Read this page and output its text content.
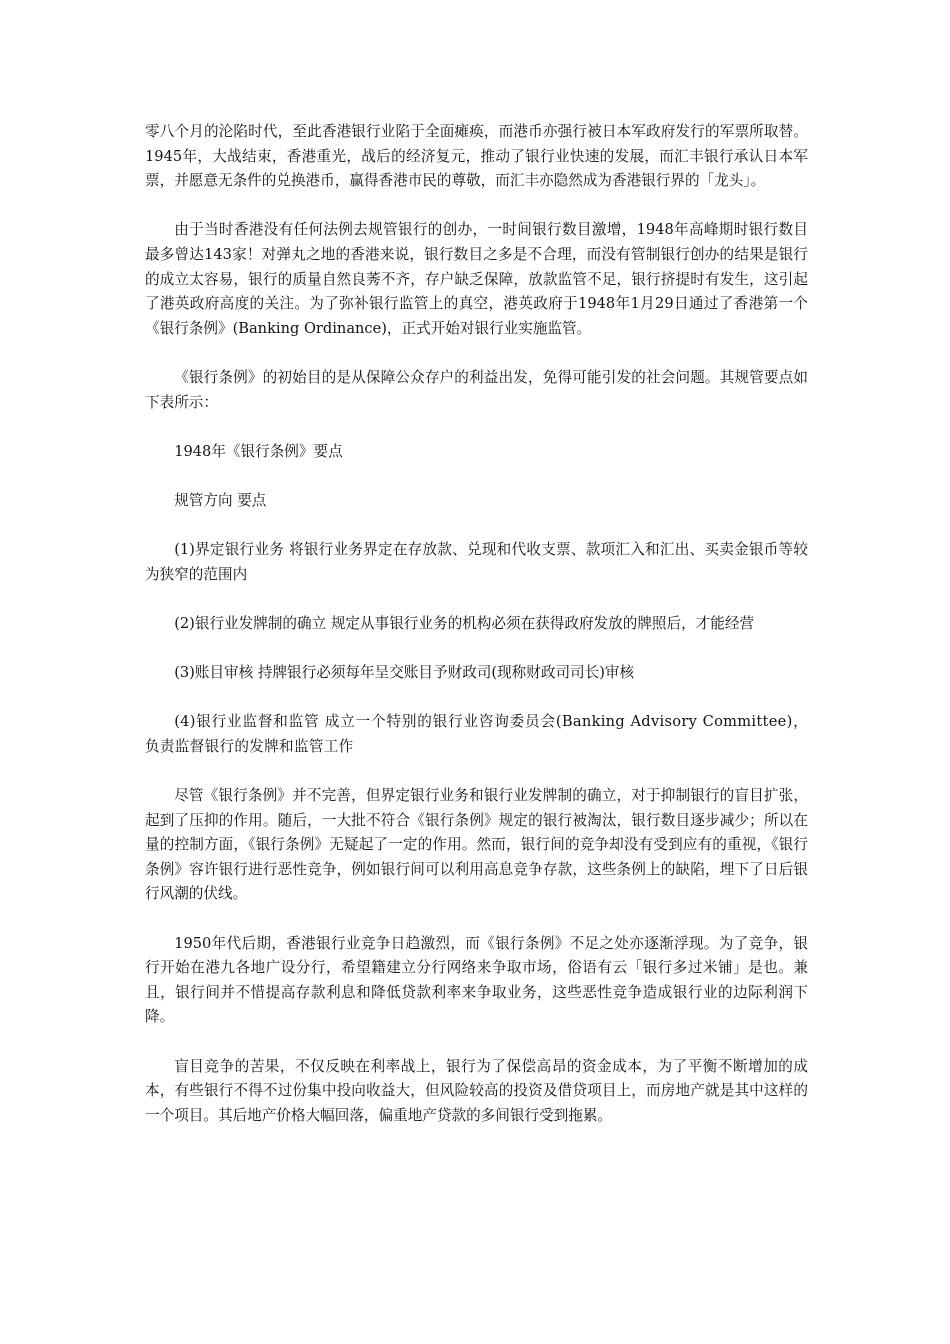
零八个月的沦陷时代，至此香港银行业陷于全面瘫痪，而港币亦强行被日本军政府发行的军票所取替。1945年，大战结束，香港重光，战后的经济复元，推动了银行业快速的发展，而汇丰银行承认日本军票，并愿意无条件的兑换港币，赢得香港市民的尊敬，而汇丰亦隐然成为香港银行界的「龙头」。

由于当时香港没有任何法例去规管银行的创办，一时间银行数目激增，1948年高峰期时银行数目最多曾达143家！对弹丸之地的香港来说，银行数目之多是不合理，而没有管制银行创办的结果是银行的成立太容易，银行的质量自然良莠不齐，存户缺乏保障，放款监管不足，银行挤提时有发生，这引起了港英政府高度的关注。为了弥补银行监管上的真空，港英政府于1948年1月29日通过了香港第一个《银行条例》(Banking Ordinance)，正式开始对银行业实施监管。

《银行条例》的初始目的是从保障公众存户的利益出发，免得可能引发的社会问题。其规管要点如下表所示：

1948年《银行条例》要点

规管方向 要点

(1)界定银行业务 将银行业务界定在存放款、兑现和代收支票、款项汇入和汇出、买卖金银币等较为狭窄的范围内

(2)银行业发牌制的确立 规定从事银行业务的机构必须在获得政府发放的牌照后，才能经营

(3)账目审核 持牌银行必须每年呈交账目予财政司(现称财政司司长)审核

(4)银行业监督和监管 成立一个特别的银行业咨询委员会(Banking Advisory Committee)，负责监督银行的发牌和监管工作

尽管《银行条例》并不完善，但界定银行业务和银行业发牌制的确立，对于抑制银行的盲目扩张，起到了压抑的作用。随后，一大批不符合《银行条例》规定的银行被淘汰，银行数目逐步减少；所以在量的控制方面，《银行条例》无疑起了一定的作用。然而，银行间的竞争却没有受到应有的重视，《银行条例》容许银行进行恶性竞争，例如银行间可以利用高息竞争存款，这些条例上的缺陷，埋下了日后银行风潮的伏线。

1950年代后期，香港银行业竞争日趋激烈，而《银行条例》不足之处亦逐渐浮现。为了竞争，银行开始在港九各地广设分行，希望籍建立分行网络来争取市场，俗语有云「银行多过米铺」是也。兼且，银行间并不惜提高存款利息和降低贷款利率来争取业务，这些恶性竞争造成银行业的边际利润下降。

盲目竞争的苦果，不仅反映在利率战上，银行为了保偿高昂的资金成本，为了平衡不断增加的成本，有些银行不得不过份集中投向收益大，但风险较高的投资及借贷项目上，而房地产就是其中这样的一个项目。其后地产价格大幅回落，偏重地产贷款的多间银行受到拖累。
